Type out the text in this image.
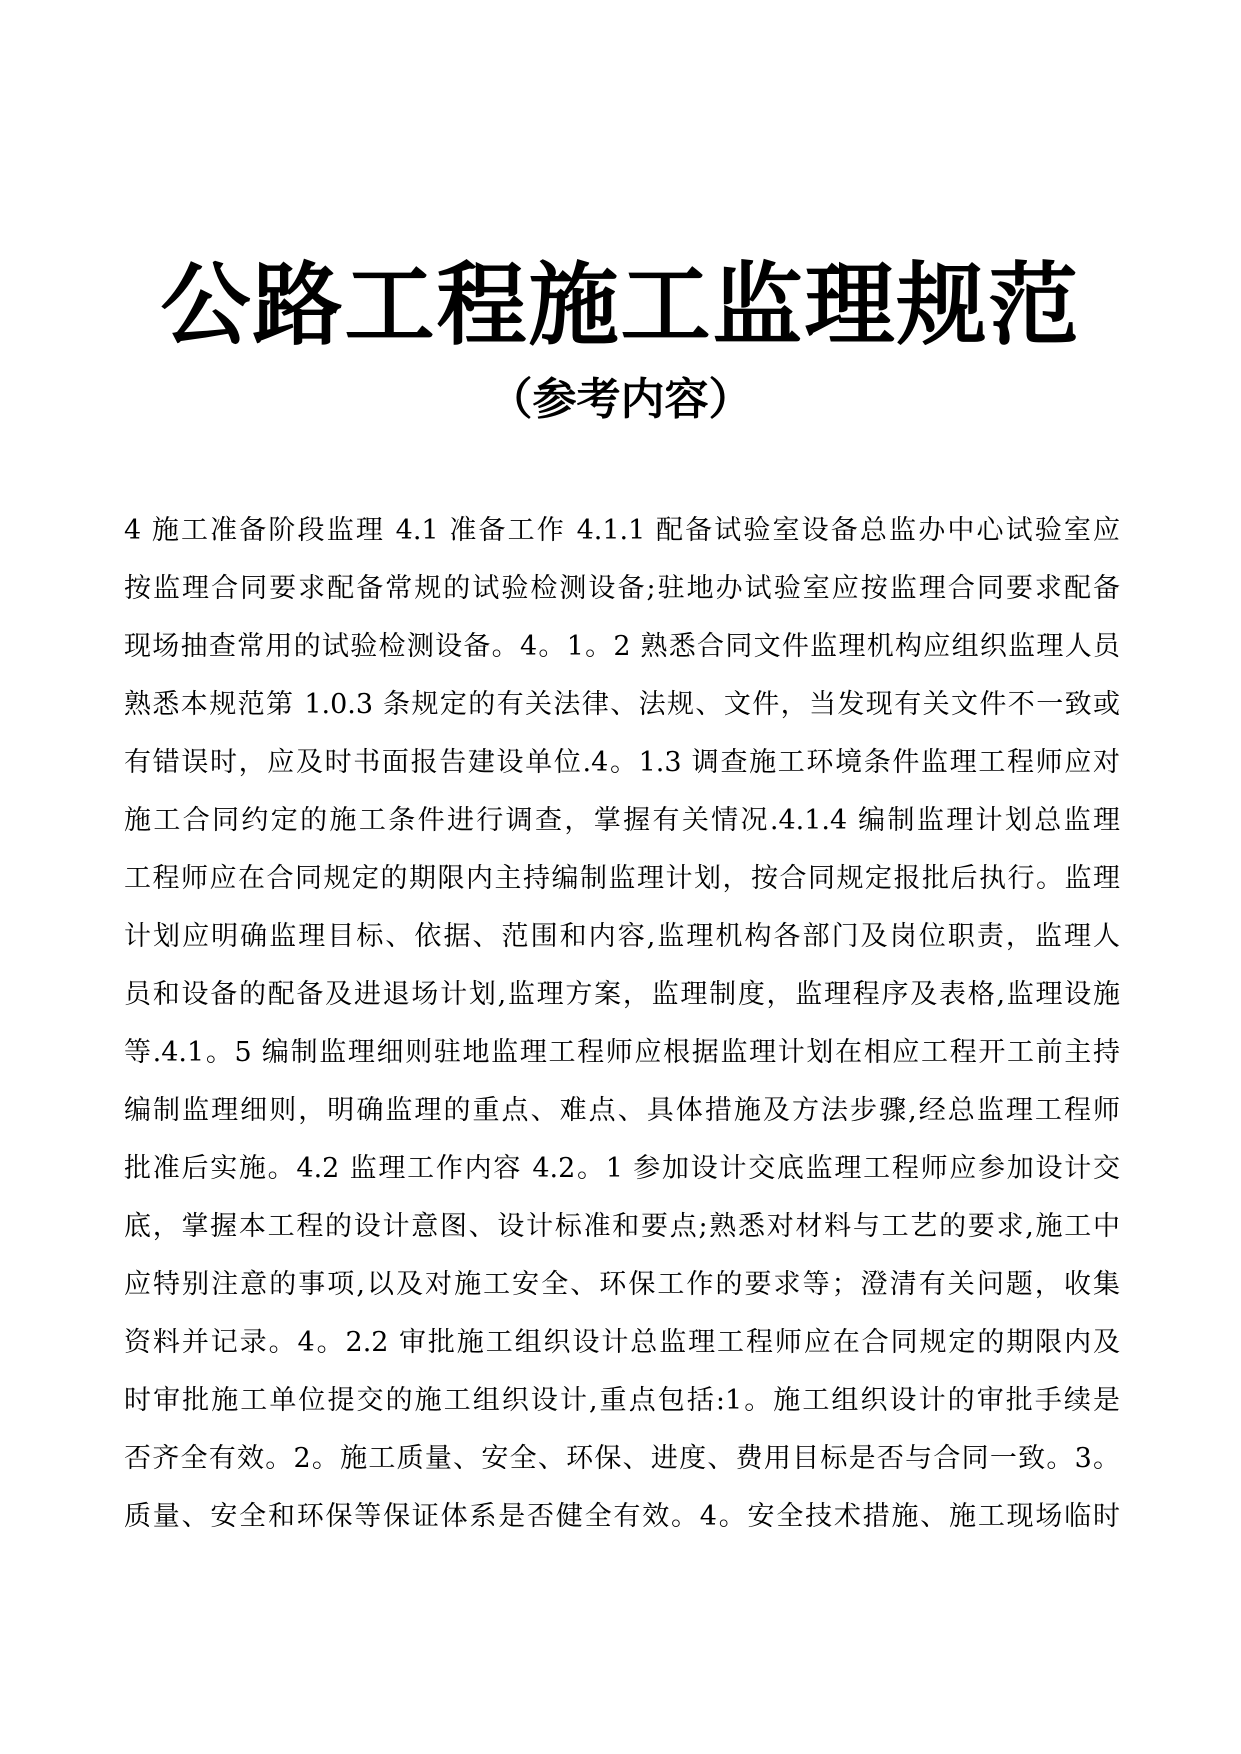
公路工程施工监理规范
（参考内容）
4 施工准备阶段监理 4.1 准备工作 4.1.1 配备试验室设备总监办中心试验室应
按监理合同要求配备常规的试验检测设备;驻地办试验室应按监理合同要求配备
现场抽查常用的试验检测设备。4。1。2 熟悉合同文件监理机构应组织监理人员
熟悉本规范第 1.0.3 条规定的有关法律、法规、文件，当发现有关文件不一致或
有错误时，应及时书面报告建设单位.4。1.3 调查施工环境条件监理工程师应对
施工合同约定的施工条件进行调查，掌握有关情况.4.1.4 编制监理计划总监理
工程师应在合同规定的期限内主持编制监理计划，按合同规定报批后执行。监理
计划应明确监理目标、依据、范围和内容,监理机构各部门及岗位职责，监理人
员和设备的配备及进退场计划,监理方案，监理制度，监理程序及表格,监理设施
等.4.1。5 编制监理细则驻地监理工程师应根据监理计划在相应工程开工前主持
编制监理细则，明确监理的重点、难点、具体措施及方法步骤,经总监理工程师
批准后实施。4.2 监理工作内容 4.2。1 参加设计交底监理工程师应参加设计交
底，掌握本工程的设计意图、设计标准和要点;熟悉对材料与工艺的要求,施工中
应特别注意的事项,以及对施工安全、环保工作的要求等；澄清有关问题，收集
资料并记录。4。2.2 审批施工组织设计总监理工程师应在合同规定的期限内及
时审批施工单位提交的施工组织设计,重点包括:1。施工组织设计的审批手续是
否齐全有效。2。施工质量、安全、环保、进度、费用目标是否与合同一致。3。
质量、安全和环保等保证体系是否健全有效。4。安全技术措施、施工现场临时
